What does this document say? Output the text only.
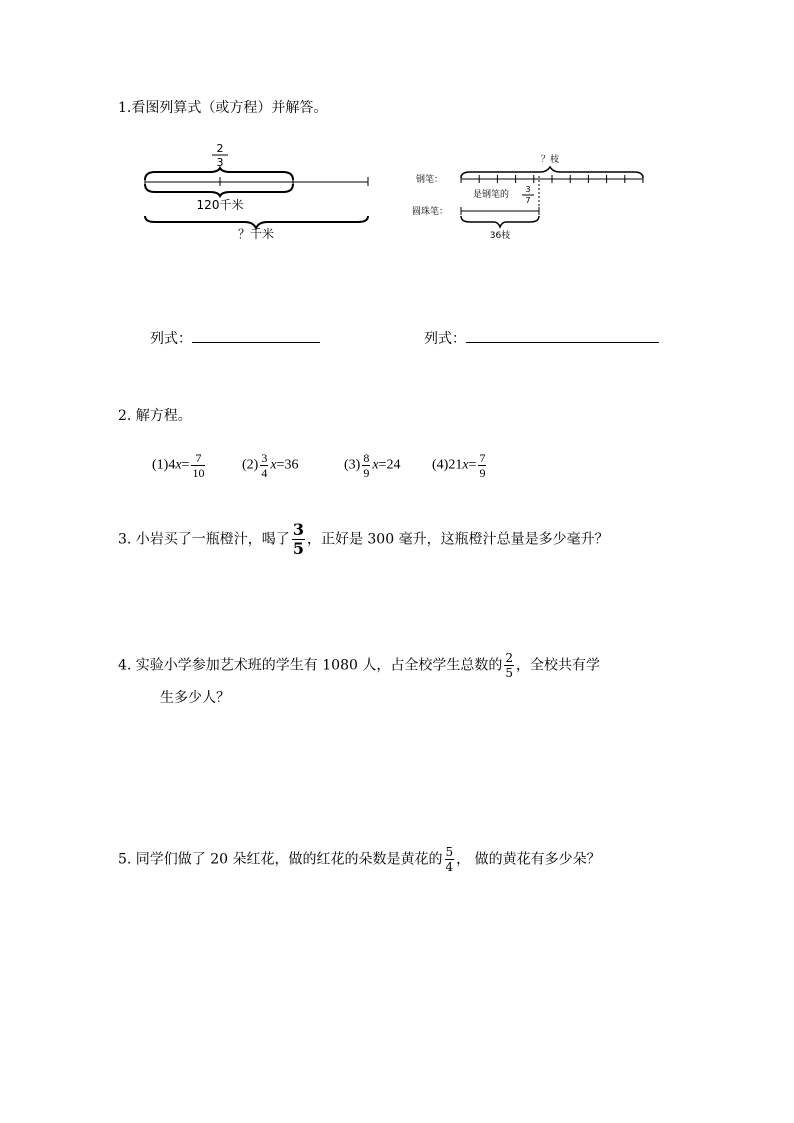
1.看图列算式（或方程）并解答。
2
3
120千米
？千米
？枝
钢笔：
是钢笔的
3
7
圆珠笔：
36枝
列式：	列式：
2. 解方程。
$(1)4x= \frac{7}{10}$	$(2) \frac{3}{4} x=36$	$(3) \frac{8}{9} x=24$ $(4)21x= \frac{7}{9}$
3. 小岩买了一瓶橙汁，喝了 $\frac{3}{5}$ ，正好是 300 毫升，这瓶橙汁总量是多少毫升？
4. 实验小学参加艺术班的学生有 1080 人，占全校学生总数的 $\frac{2}{5}$ ，全校共有学
生多少人？
5. 同学们做了 20 朵红花，做的红花的朵数是黄花的 $\frac{5}{4}$ ， 做的黄花有多少朵？
